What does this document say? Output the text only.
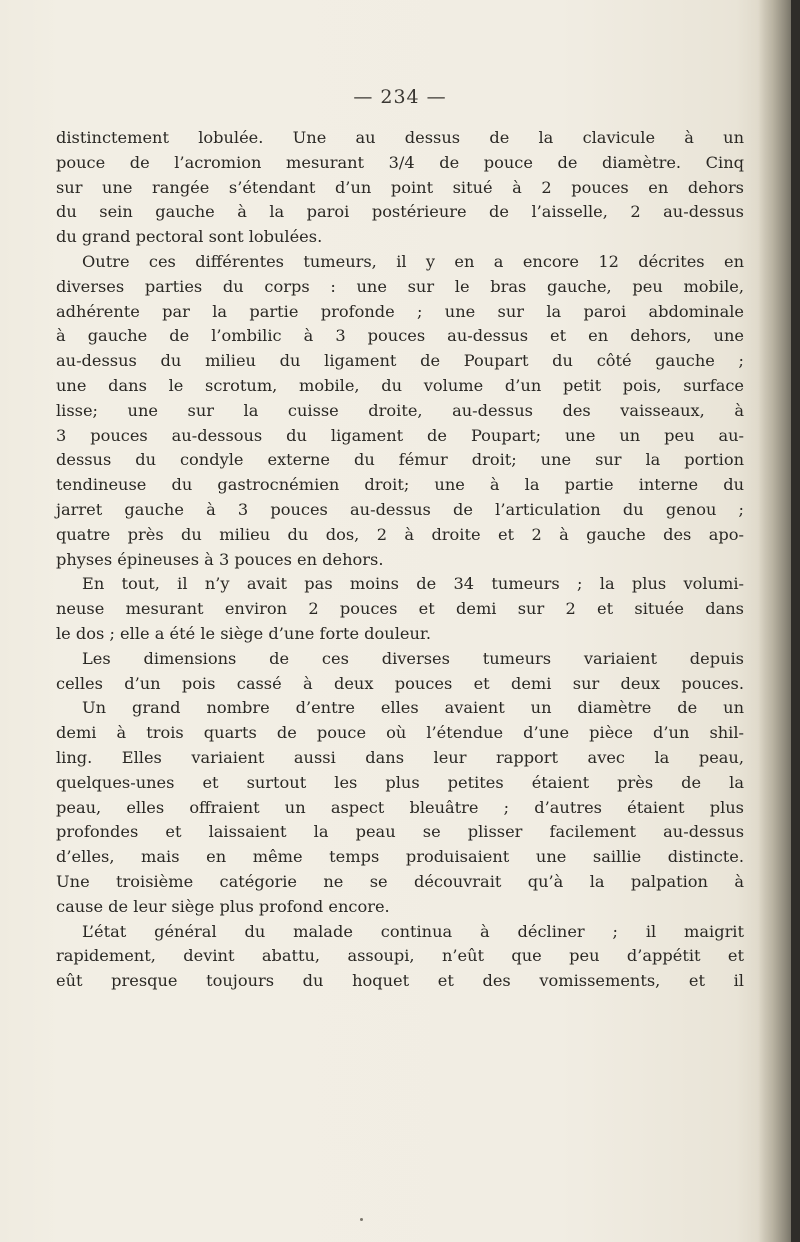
— 234 —
distinctement lobulée. Une au dessus de la clavicule à un
pouce de l’acromion mesurant 3/4 de pouce de diamètre. Cinq
sur une rangée s’étendant d’un point situé à 2 pouces en dehors
du sein gauche à la paroi postérieure de l’aisselle, 2 au-dessus
du grand pectoral sont lobulées.
Outre ces différentes tumeurs, il y en a encore 12 décrites en
diverses parties du corps : une sur le bras gauche, peu mobile,
adhérente par la partie profonde ; une sur la paroi abdominale
à gauche de l’ombilic à 3 pouces au-dessus et en dehors, une
au-dessus du milieu du ligament de Poupart du côté gauche ;
une dans le scrotum, mobile, du volume d’un petit pois, surface
lisse; une sur la cuisse droite, au-dessus des vaisseaux, à
3 pouces au-dessous du ligament de Poupart; une un peu au-
dessus du condyle externe du fémur droit; une sur la portion
tendineuse du gastrocnémien droit; une à la partie interne du
jarret gauche à 3 pouces au-dessus de l’articulation du genou ;
quatre près du milieu du dos, 2 à droite et 2 à gauche des apo-
physes épineuses à 3 pouces en dehors.
En tout, il n’y avait pas moins de 34 tumeurs ; la plus volumi-
neuse mesurant environ 2 pouces et demi sur 2 et située dans
le dos ; elle a été le siège d’une forte douleur.
Les dimensions de ces diverses tumeurs variaient depuis
celles d’un pois cassé à deux pouces et demi sur deux pouces.
Un grand nombre d’entre elles avaient un diamètre de un
demi à trois quarts de pouce où l’étendue d’une pièce d’un shil-
ling. Elles variaient aussi dans leur rapport avec la peau,
quelques-unes et surtout les plus petites étaient près de la
peau, elles offraient un aspect bleuâtre ; d’autres étaient plus
profondes et laissaient la peau se plisser facilement au-dessus
d’elles, mais en même temps produisaient une saillie distincte.
Une troisième catégorie ne se découvrait qu’à la palpation à
cause de leur siège plus profond encore.
L’état général du malade continua à décliner ; il maigrit
rapidement, devint abattu, assoupi, n’eût que peu d’appétit et
eût presque toujours du hoquet et des vomissements, et il
